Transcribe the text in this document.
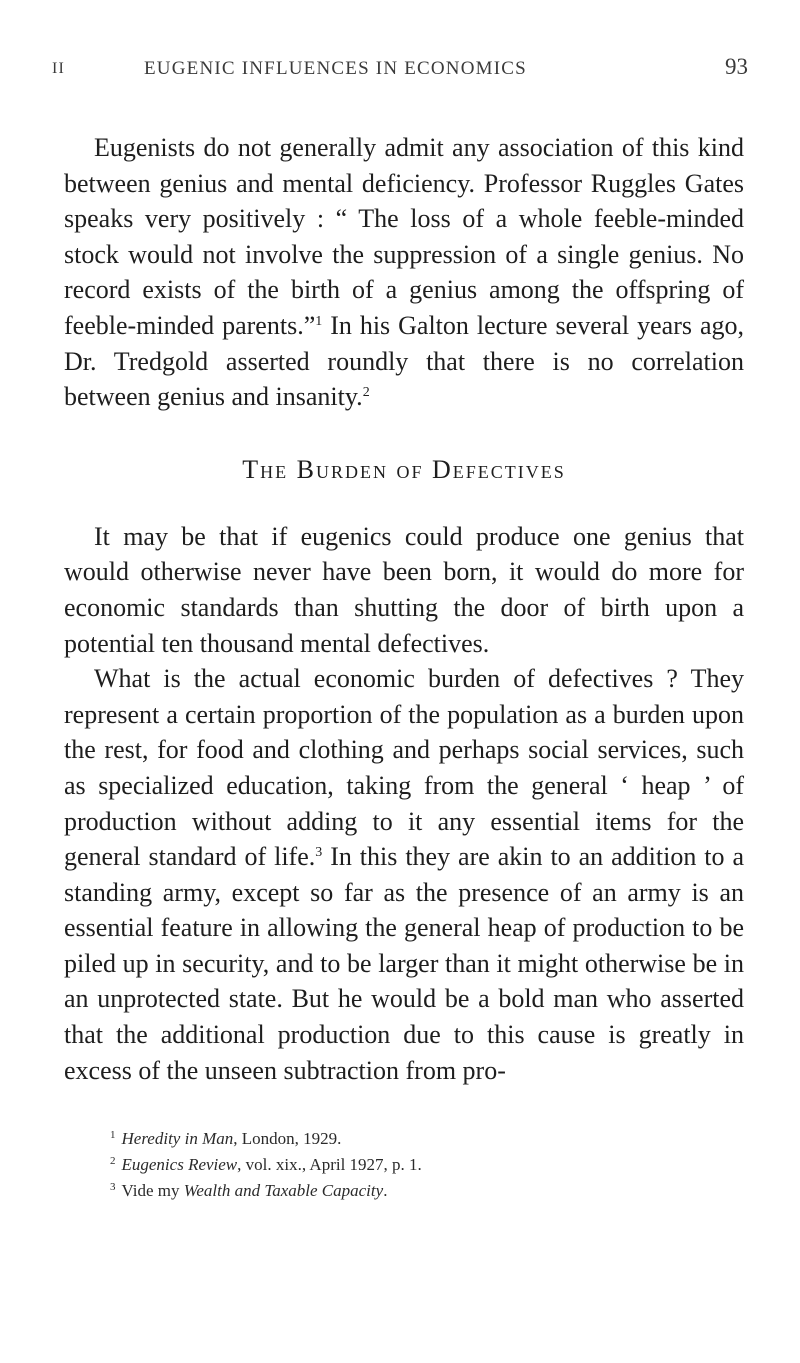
II	EUGENIC INFLUENCES IN ECONOMICS	93

Eugenists do not generally admit any association of this kind between genius and mental deficiency. Professor Ruggles Gates speaks very positively : “ The loss of a whole feeble-minded stock would not involve the suppression of a single genius. No record exists of the birth of a genius among the offspring of feeble-minded parents.”$^1$ In his Galton lecture several years ago, Dr. Tredgold asserted roundly that there is no correlation between genius and insanity.$^2$

The Burden of Defectives

It may be that if eugenics could produce one genius that would otherwise never have been born, it would do more for economic standards than shutting the door of birth upon a potential ten thousand mental defectives.

What is the actual economic burden of defectives ? They represent a certain proportion of the population as a burden upon the rest, for food and clothing and perhaps social services, such as specialized education, taking from the general ‘ heap ’ of production without adding to it any essential items for the general standard of life.$^3$ In this they are akin to an addition to a standing army, except so far as the presence of an army is an essential feature in allowing the general heap of production to be piled up in security, and to be larger than it might otherwise be in an unprotected state. But he would be a bold man who asserted that the additional production due to this cause is greatly in excess of the unseen subtraction from pro-

$^1$ Heredity in Man, London, 1929.

$^2$ Eugenics Review, vol. xix., April 1927, p. 1.

$^3$ Vide my Wealth and Taxable Capacity.
